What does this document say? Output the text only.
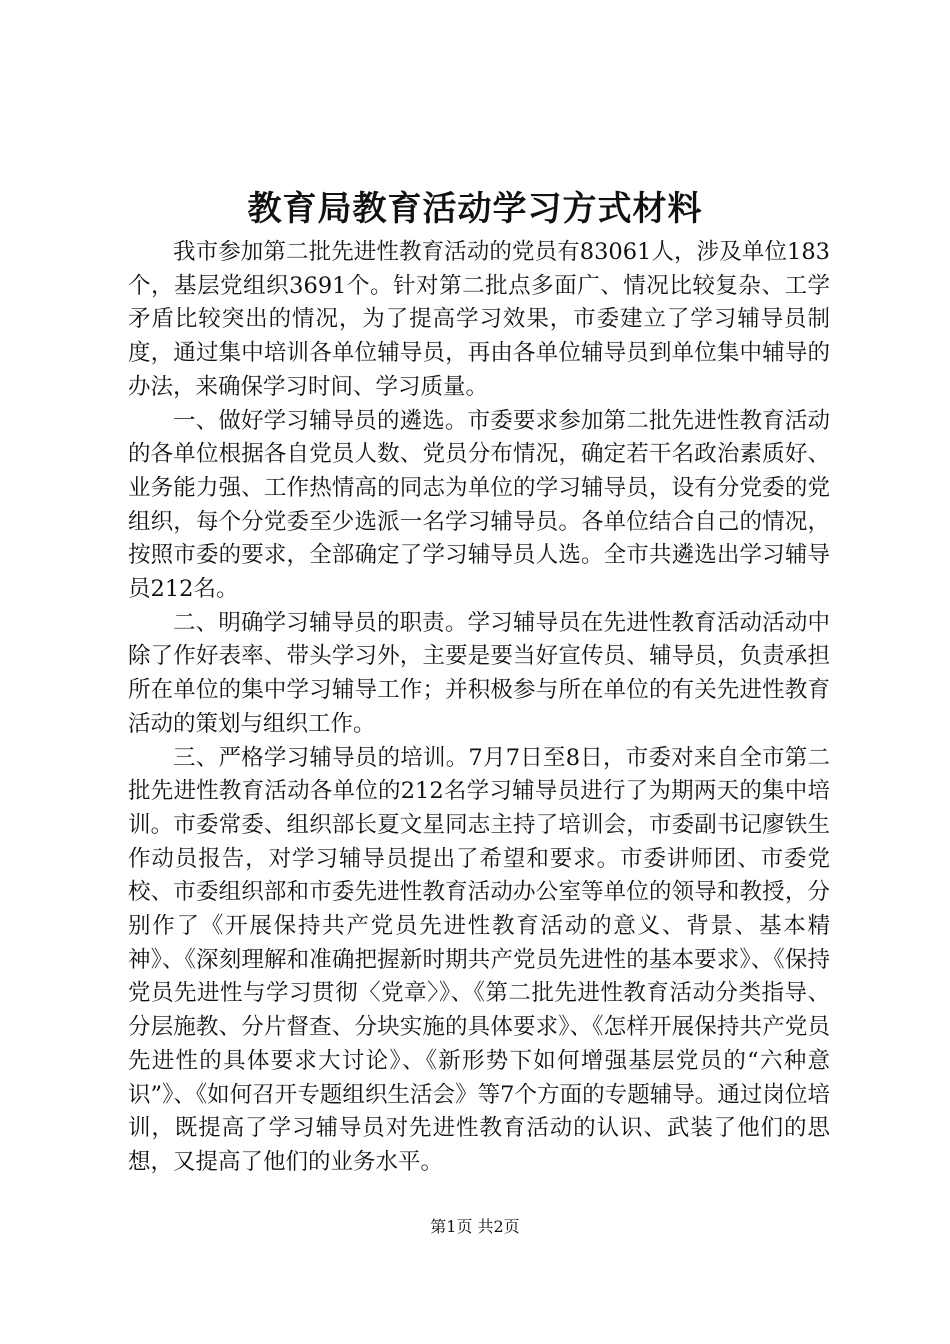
教育局教育活动学习方式材料

我市参加第二批先进性教育活动的党员有83061人，涉及单位183个，基层党组织3691个。针对第二批点多面广、情况比较复杂、工学矛盾比较突出的情况，为了提高学习效果，市委建立了学习辅导员制度，通过集中培训各单位辅导员，再由各单位辅导员到单位集中辅导的办法，来确保学习时间、学习质量。

一、做好学习辅导员的遴选。市委要求参加第二批先进性教育活动的各单位根据各自党员人数、党员分布情况，确定若干名政治素质好、业务能力强、工作热情高的同志为单位的学习辅导员，设有分党委的党组织，每个分党委至少选派一名学习辅导员。各单位结合自己的情况，按照市委的要求，全部确定了学习辅导员人选。全市共遴选出学习辅导员212名。

二、明确学习辅导员的职责。学习辅导员在先进性教育活动活动中除了作好表率、带头学习外，主要是要当好宣传员、辅导员，负责承担所在单位的集中学习辅导工作；并积极参与所在单位的有关先进性教育活动的策划与组织工作。

三、严格学习辅导员的培训。7月7日至8日，市委对来自全市第二批先进性教育活动各单位的212名学习辅导员进行了为期两天的集中培训。市委常委、组织部长夏文星同志主持了培训会，市委副书记廖铁生作动员报告，对学习辅导员提出了希望和要求。市委讲师团、市委党校、市委组织部和市委先进性教育活动办公室等单位的领导和教授，分别作了《开展保持共产党员先进性教育活动的意义、背景、基本精神》、《深刻理解和准确把握新时期共产党员先进性的基本要求》、《保持党员先进性与学习贯彻〈党章〉》、《第二批先进性教育活动分类指导、分层施教、分片督查、分块实施的具体要求》、《怎样开展保持共产党员先进性的具体要求大讨论》、《新形势下如何增强基层党员的“六种意识”》、《如何召开专题组织生活会》等7个方面的专题辅导。通过岗位培训，既提高了学习辅导员对先进性教育活动的认识、武装了他们的思想，又提高了他们的业务水平。

第1页 共2页
